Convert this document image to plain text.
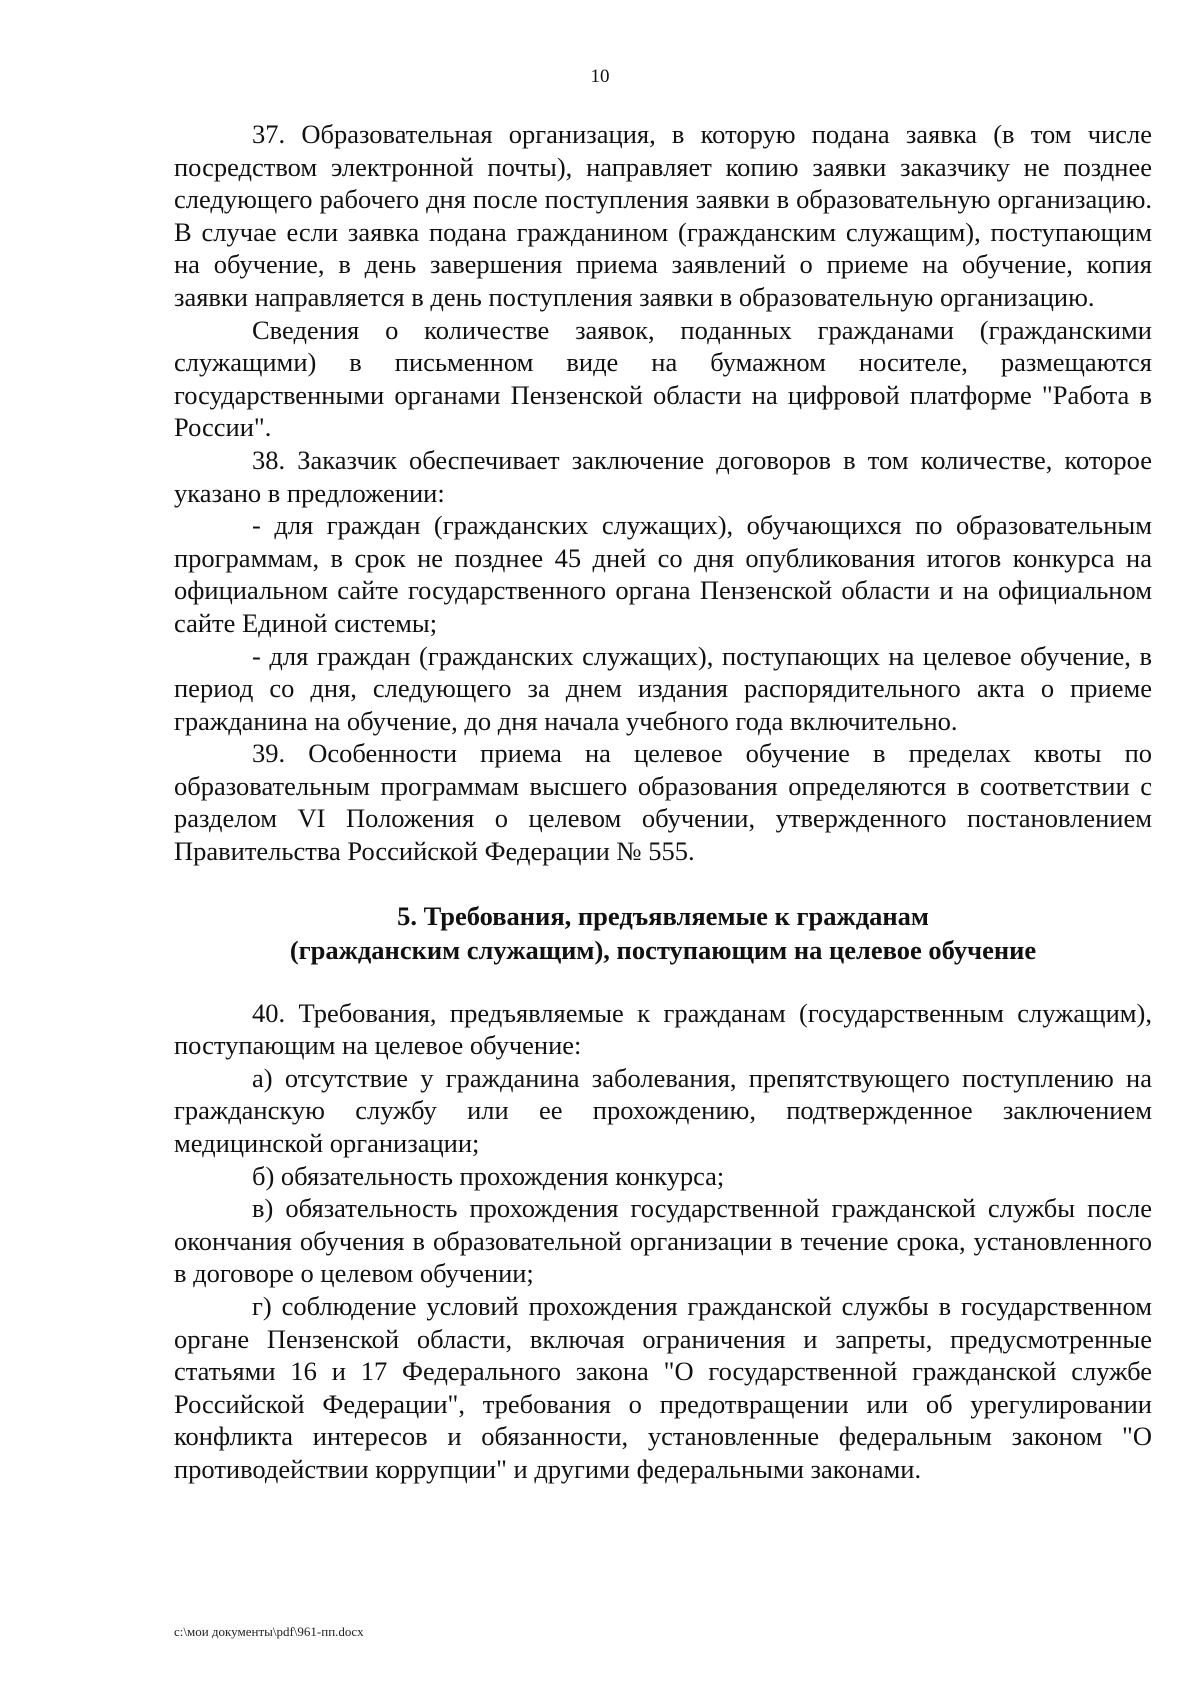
10

37. Образовательная организация, в которую подана заявка (в том числе посредством электронной почты), направляет копию заявки заказчику не позднее следующего рабочего дня после поступления заявки в образовательную организацию. В случае если заявка подана гражданином (гражданским служащим), поступающим на обучение, в день завершения приема заявлений о приеме на обучение, копия заявки направляется в день поступления заявки в образовательную организацию.

Сведения о количестве заявок, поданных гражданами (гражданскими служащими) в письменном виде на бумажном носителе, размещаются государственными органами Пензенской области на цифровой платформе "Работа в России".

38. Заказчик обеспечивает заключение договоров в том количестве, которое указано в предложении:

- для граждан (гражданских служащих), обучающихся по образовательным программам, в срок не позднее 45 дней со дня опубликования итогов конкурса на официальном сайте государственного органа Пензенской области и на официальном сайте Единой системы;

- для граждан (гражданских служащих), поступающих на целевое обучение, в период со дня, следующего за днем издания распорядительного акта о приеме гражданина на обучение, до дня начала учебного года включительно.

39. Особенности приема на целевое обучение в пределах квоты по образовательным программам высшего образования определяются в соответствии с разделом VI Положения о целевом обучении, утвержденного постановлением Правительства Российской Федерации № 555.

5. Требования, предъявляемые к гражданам
(гражданским служащим), поступающим на целевое обучение

40. Требования, предъявляемые к гражданам (государственным служащим), поступающим на целевое обучение:

а) отсутствие у гражданина заболевания, препятствующего поступлению на гражданскую службу или ее прохождению, подтвержденное заключением медицинской организации;

б) обязательность прохождения конкурса;

в) обязательность прохождения государственной гражданской службы после окончания обучения в образовательной организации в течение срока, установленного в договоре о целевом обучении;

г) соблюдение условий прохождения гражданской службы в государственном органе Пензенской области, включая ограничения и запреты, предусмотренные статьями 16 и 17 Федерального закона "О государственной гражданской службе Российской Федерации", требования о предотвращении или об урегулировании конфликта интересов и обязанности, установленные федеральным законом "О противодействии коррупции" и другими федеральными законами.

c:\мои документы\pdf\961-пп.docx
